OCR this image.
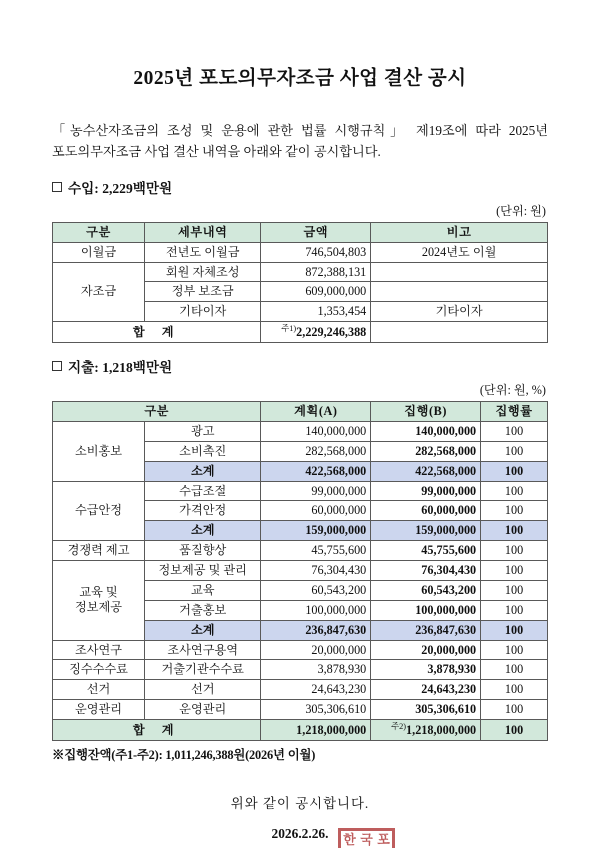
2025년 포도의무자조금 사업 결산 공시

「농수산자조금의 조성 및 운용에 관한 법률 시행규칙」 제19조에 따라 2025년 포도의무자조금 사업 결산 내역을 아래와 같이 공시합니다.

수입: 2,229백만원

(단위: 원)

구분	세부내역	금액	비고
이월금	전년도 이월금	746,504,803	2024년도 이월
자조금	회원 자체조성	872,388,131	
	정부 보조금	609,000,000	
	기타이자	1,353,454	기타이자
합 계		$^{주1)}$2,229,246,388	
지출: 1,218백만원

(단위: 원, %)

구분		계획(A)	집행(B)	집행률
소비홍보	광고	140,000,000	140,000,000	100
	소비촉진	282,568,000	282,568,000	100
	소계	422,568,000	422,568,000	100
수급안정	수급조절	99,000,000	99,000,000	100
	가격안정	60,000,000	60,000,000	100
	소계	159,000,000	159,000,000	100
경쟁력 제고	품질향상	45,755,600	45,755,600	100
교육 및
정보제공	정보제공 및 관리	76,304,430	76,304,430	100
	교육	60,543,200	60,543,200	100
	거출홍보	100,000,000	100,000,000	100
	소계	236,847,630	236,847,630	100
조사연구	조사연구용역	20,000,000	20,000,000	100
징수수수료	거출기관수수료	3,878,930	3,878,930	100
선거	선거	24,643,230	24,643,230	100
운영관리	운영관리	305,306,610	305,306,610	100
합 계		1,218,000,000	$^{주2)}$1,218,000,000	100

※집행잔액(주1-주2): 1,011,246,388원(2026년 이월)

위와 같이 공시합니다.

2026.2.26.	한 국 포
